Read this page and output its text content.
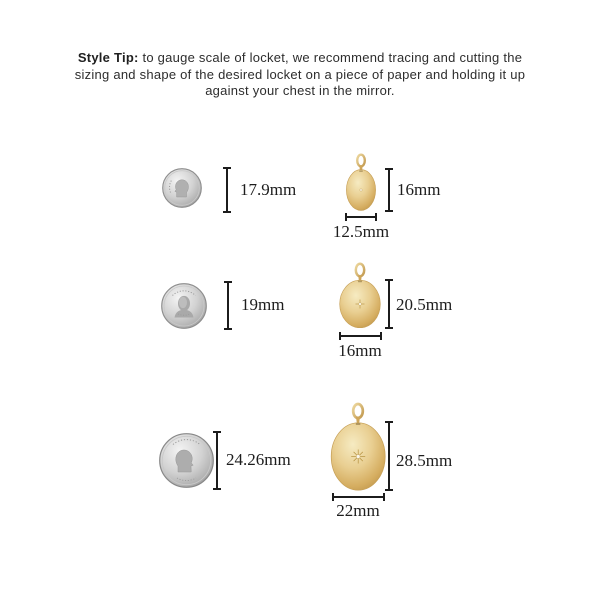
Style Tip: to gauge scale of locket, we recommend tracing and cutting the sizing and shape of the desired locket on a piece of paper and holding it up against your chest in the mirror.

17.9mm	16mm
12.5mm
19mm	20.5mm
16mm
24.26mm	28.5mm
22mm
